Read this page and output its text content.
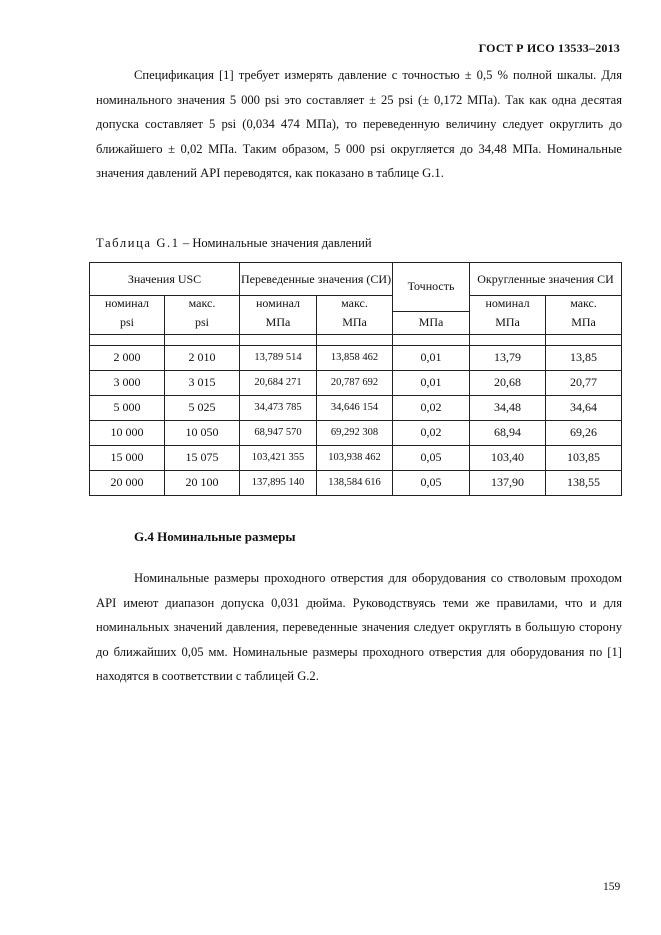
ГОСТ Р ИСО 13533–2013

Спецификация [1] требует измерять давление с точностью ± 0,5 % полной шкалы. Для номинального значения 5 000 psi это составляет ± 25 psi (± 0,172 МПа). Так как одна десятая допуска составляет 5 psi (0,034 474 МПа), то переведенную величину следует округлить до ближайшего ± 0,02 МПа. Таким образом, 5 000 psi округляется до 34,48 МПа. Номинальные значения давлений API переводятся, как показано в таблице G.1.

Таблица G.1 – Номинальные значения давлений
Значения USC		Переведенные значения (СИ)		Точность	Округленные значения СИ	
номинал	макс.	номинал	макс.		номинал	макс.
psi	psi	МПа	МПа	МПа	МПа	МПа

2 000	2 010	13,789 514	13,858 462	0,01	13,79	13,85
3 000	3 015	20,684 271	20,787 692	0,01	20,68	20,77
5 000	5 025	34,473 785	34,646 154	0,02	34,48	34,64
10 000	10 050	68,947 570	69,292 308	0,02	68,94	69,26
15 000	15 075	103,421 355	103,938 462	0,05	103,40	103,85
20 000	20 100	137,895 140	138,584 616	0,05	137,90	138,55
G.4 Номинальные размеры

Номинальные размеры проходного отверстия для оборудования со стволовым проходом API имеют диапазон допуска 0,031 дюйма. Руководствуясь теми же правилами, что и для номинальных значений давления, переведенные значения следует округлять в большую сторону до ближайших 0,05 мм. Номинальные размеры проходного отверстия для оборудования по [1] находятся в соответствии с таблицей G.2.

159
